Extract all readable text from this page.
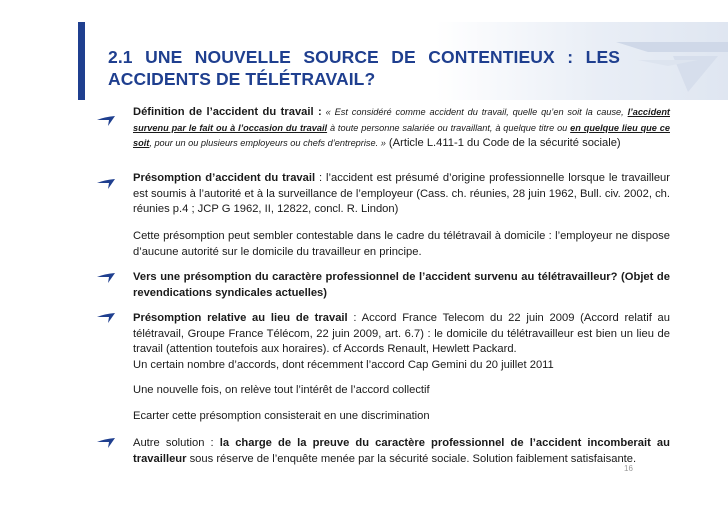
2.1 UNE NOUVELLE SOURCE DE CONTENTIEUX : LES ACCIDENTS DE TÉLÉTRAVAIL?
Définition de l’accident du travail : « Est considéré comme accident du travail, quelle qu’en soit la cause, l’accident survenu par le fait ou à l’occasion du travail à toute personne salariée ou travaillant, à quelque titre ou en quelque lieu que ce soit, pour un ou plusieurs employeurs ou chefs d’entreprise. » (Article L.411-1 du Code de la sécurité sociale)
Présomption d’accident du travail : l’accident est présumé d’origine professionnelle lorsque le travailleur est soumis à l’autorité et à la surveillance de l’employeur (Cass. ch. réunies, 28 juin 1962, Bull. civ. 2002, ch. réunies p.4 ; JCP G 1962, II, 12822, concl. R. Lindon)
Cette présomption peut sembler contestable dans le cadre du télétravail à domicile : l’employeur ne dispose d’aucune autorité sur le domicile du travailleur en principe.
Vers une présomption du caractère professionnel de l’accident survenu au télétravailleur? (Objet de revendications syndicales actuelles)
Présomption relative au lieu de travail : Accord France Telecom du 22 juin 2009 (Accord relatif au télétravail, Groupe France Télécom, 22 juin 2009, art. 6.7) : le domicile du télétravailleur est bien un lieu de travail (attention toutefois aux horaires). cf Accords Renault, Hewlett Packard.
Un certain nombre d’accords, dont récemment l’accord Cap Gemini du 20 juillet 2011
Une nouvelle fois, on relève tout l’intérêt de l’accord collectif
Ecarter cette présomption consisterait en une discrimination
Autre solution : la charge de la preuve du caractère professionnel de l’accident incomberait au travailleur sous réserve de l’enquête menée par la sécurité sociale. Solution faiblement satisfaisante.
16
